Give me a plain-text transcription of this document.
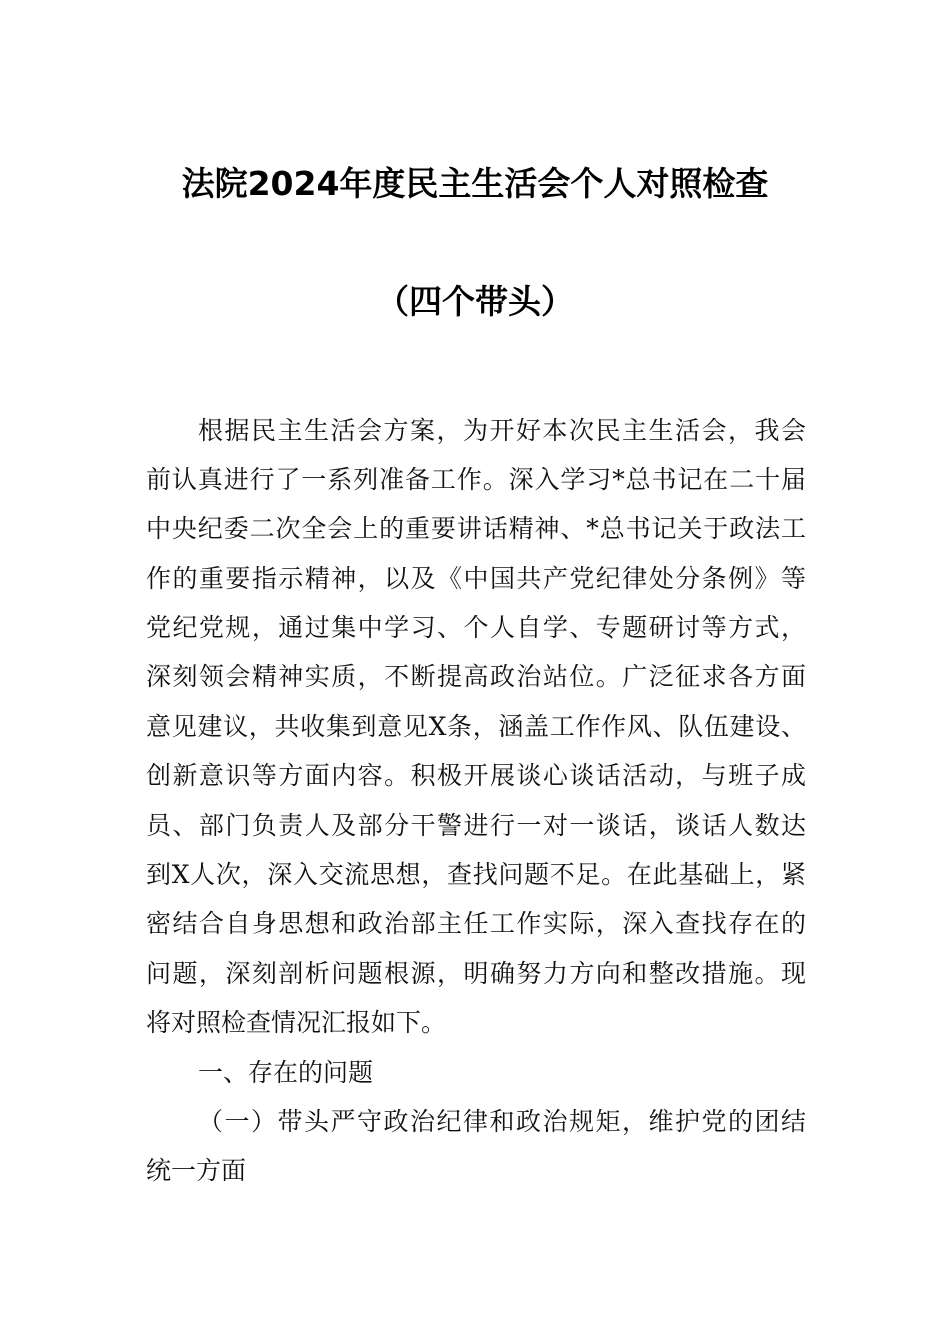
法院2024年度民主生活会个人对照检查
（四个带头）

根据民主生活会方案，为开好本次民主生活会，我会

前认真进行了一系列准备工作。深入学习*总书记在二十届

中央纪委二次全会上的重要讲话精神、*总书记关于政法工

作的重要指示精神，以及《中国共产党纪律处分条例》等

党纪党规，通过集中学习、个人自学、专题研讨等方式，

深刻领会精神实质，不断提高政治站位。广泛征求各方面

意见建议，共收集到意见X条，涵盖工作作风、队伍建设、

创新意识等方面内容。积极开展谈心谈话活动，与班子成

员、部门负责人及部分干警进行一对一谈话，谈话人数达

到X人次，深入交流思想，查找问题不足。在此基础上，紧

密结合自身思想和政治部主任工作实际，深入查找存在的

问题，深刻剖析问题根源，明确努力方向和整改措施。现

将对照检查情况汇报如下。

一、存在的问题

（一）带头严守政治纪律和政治规矩，维护党的团结

统一方面
